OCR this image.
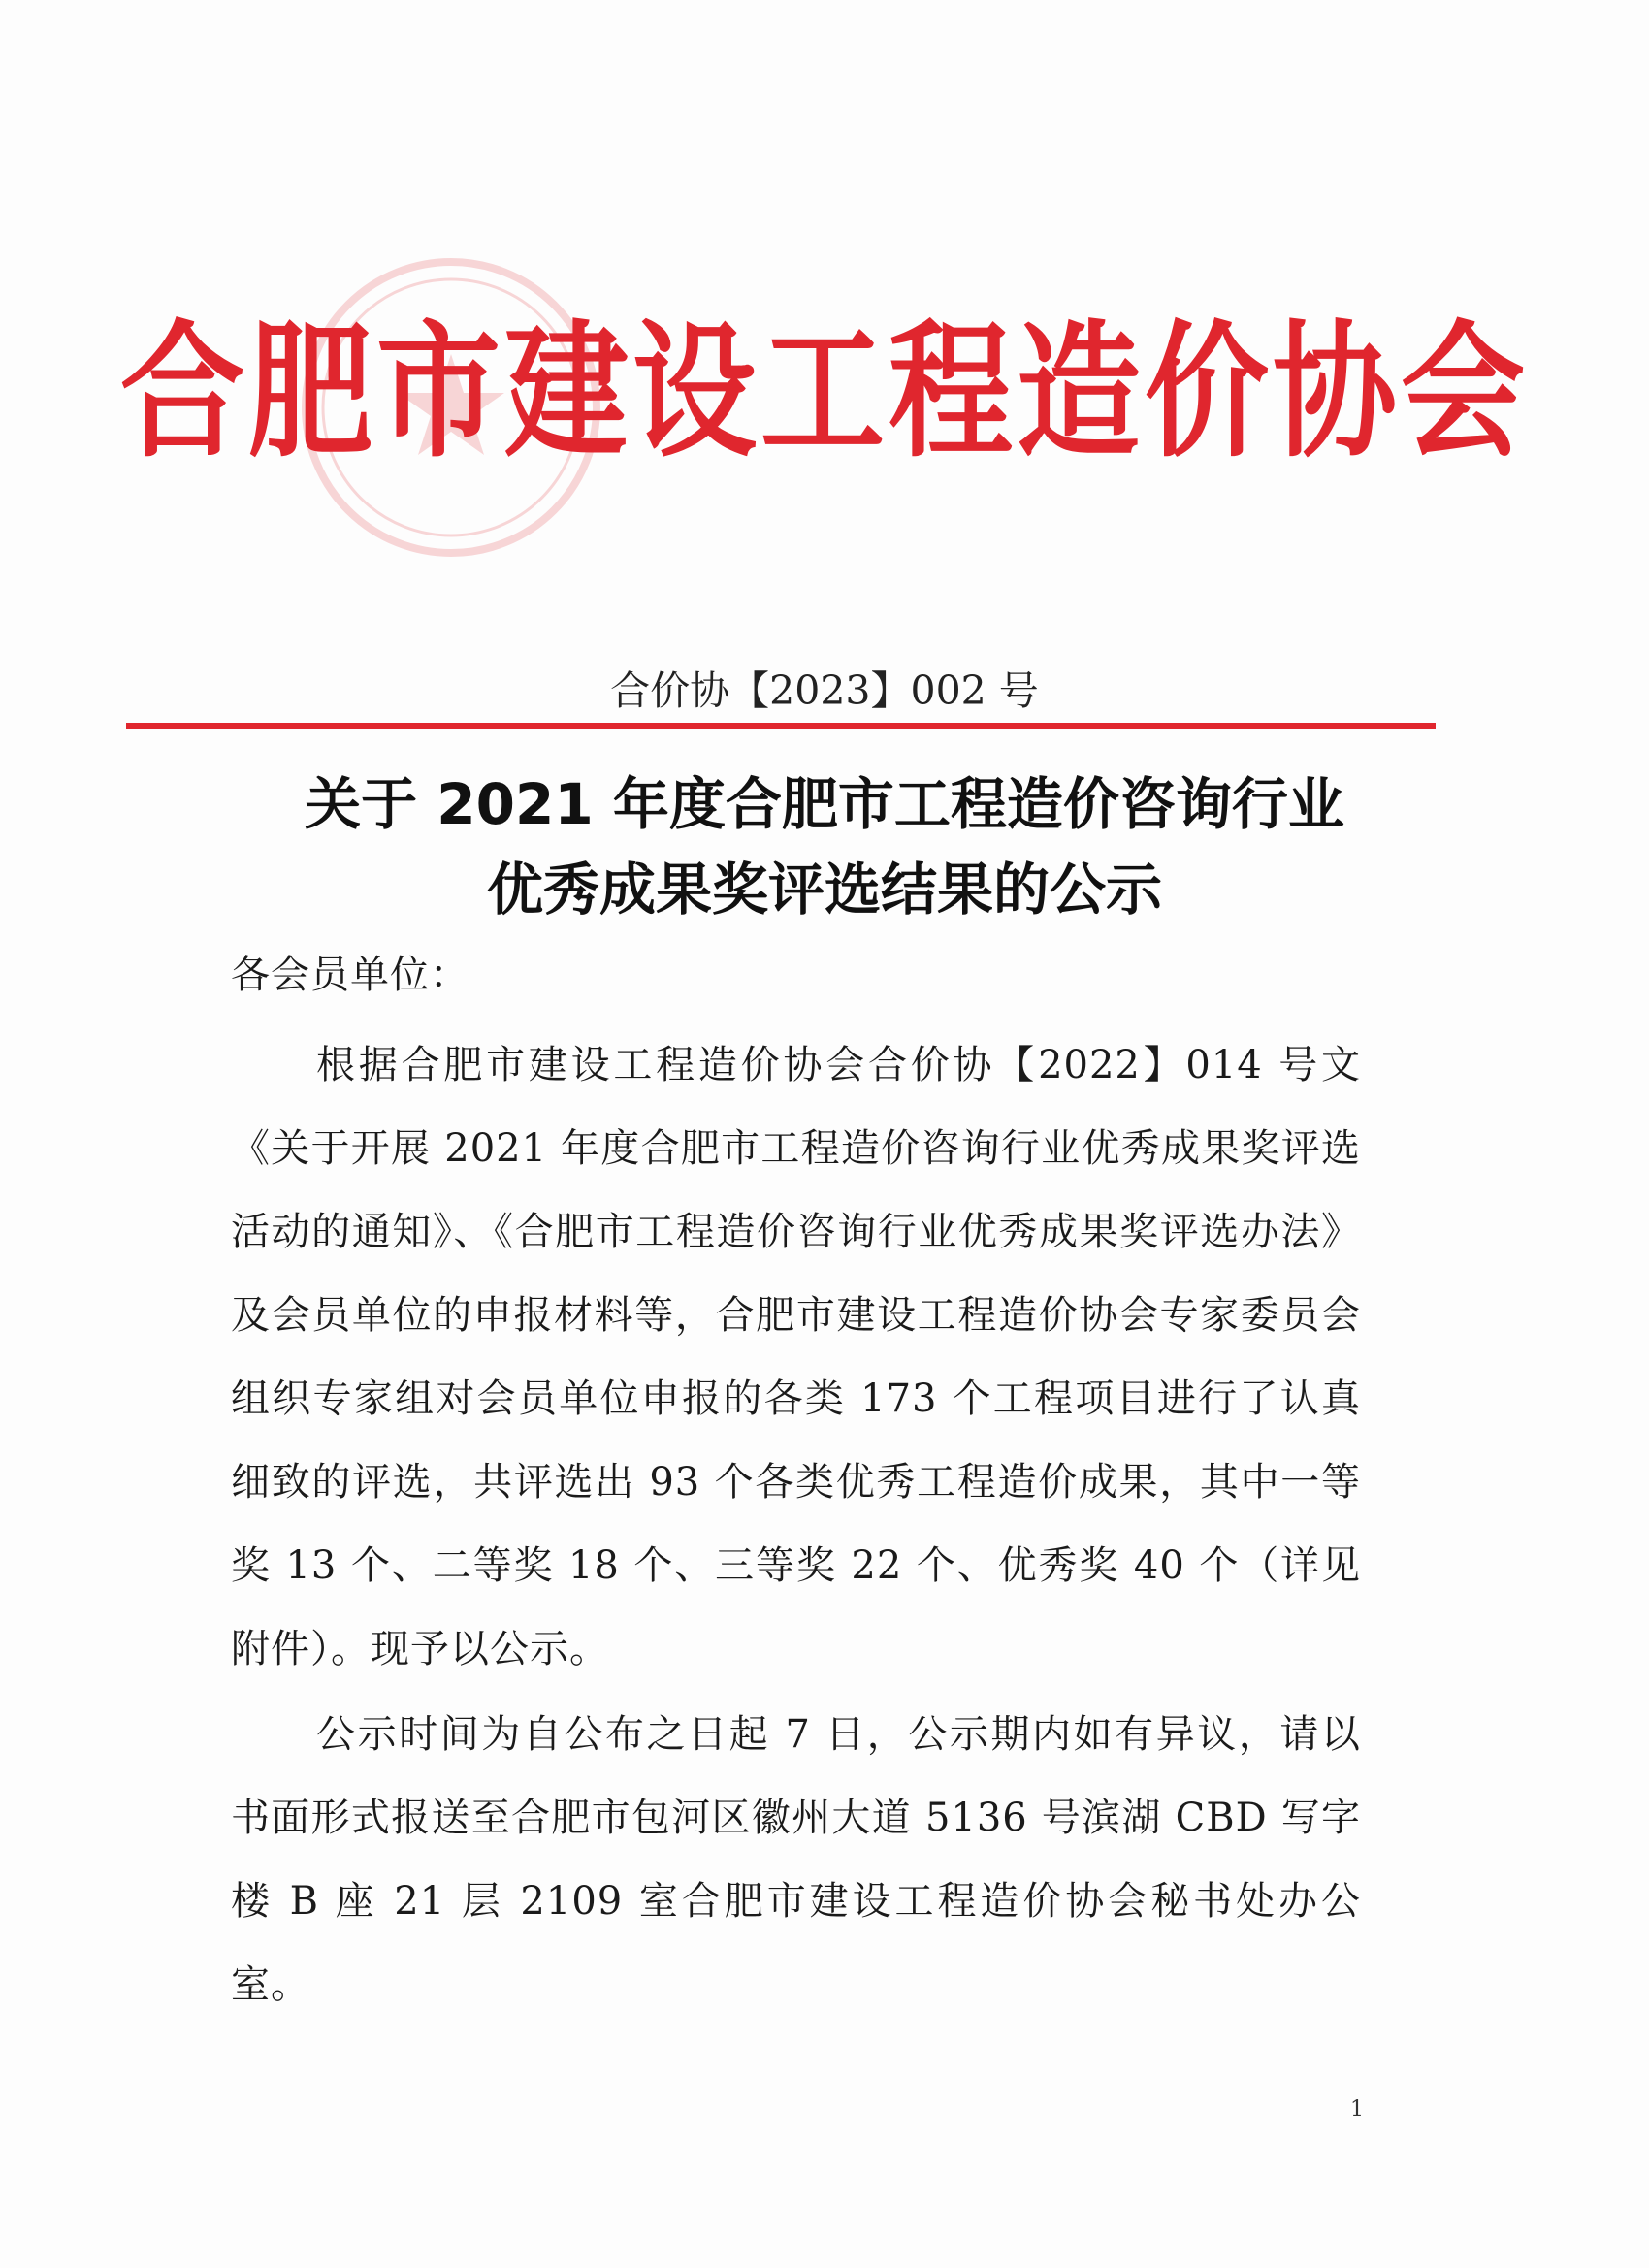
合肥市建设工程造价协会
合价协【2023】002 号
关于 2021 年度合肥市工程造价咨询行业
优秀成果奖评选结果的公示
各会员单位：

根据合肥市建设工程造价协会合价协【2022】014 号文《关于开展 2021 年度合肥市工程造价咨询行业优秀成果奖评选活动的通知》、《合肥市工程造价咨询行业优秀成果奖评选办法》及会员单位的申报材料等，合肥市建设工程造价协会专家委员会组织专家组对会员单位申报的各类 173 个工程项目进行了认真细致的评选，共评选出 93 个各类优秀工程造价成果，其中一等奖 13 个、二等奖 18 个、三等奖 22 个、优秀奖 40 个（详见附件）。现予以公示。

公示时间为自公布之日起 7 日，公示期内如有异议，请以书面形式报送至合肥市包河区徽州大道 5136 号滨湖 CBD 写字楼 B 座 21 层 2109 室合肥市建设工程造价协会秘书处办公室。

1
